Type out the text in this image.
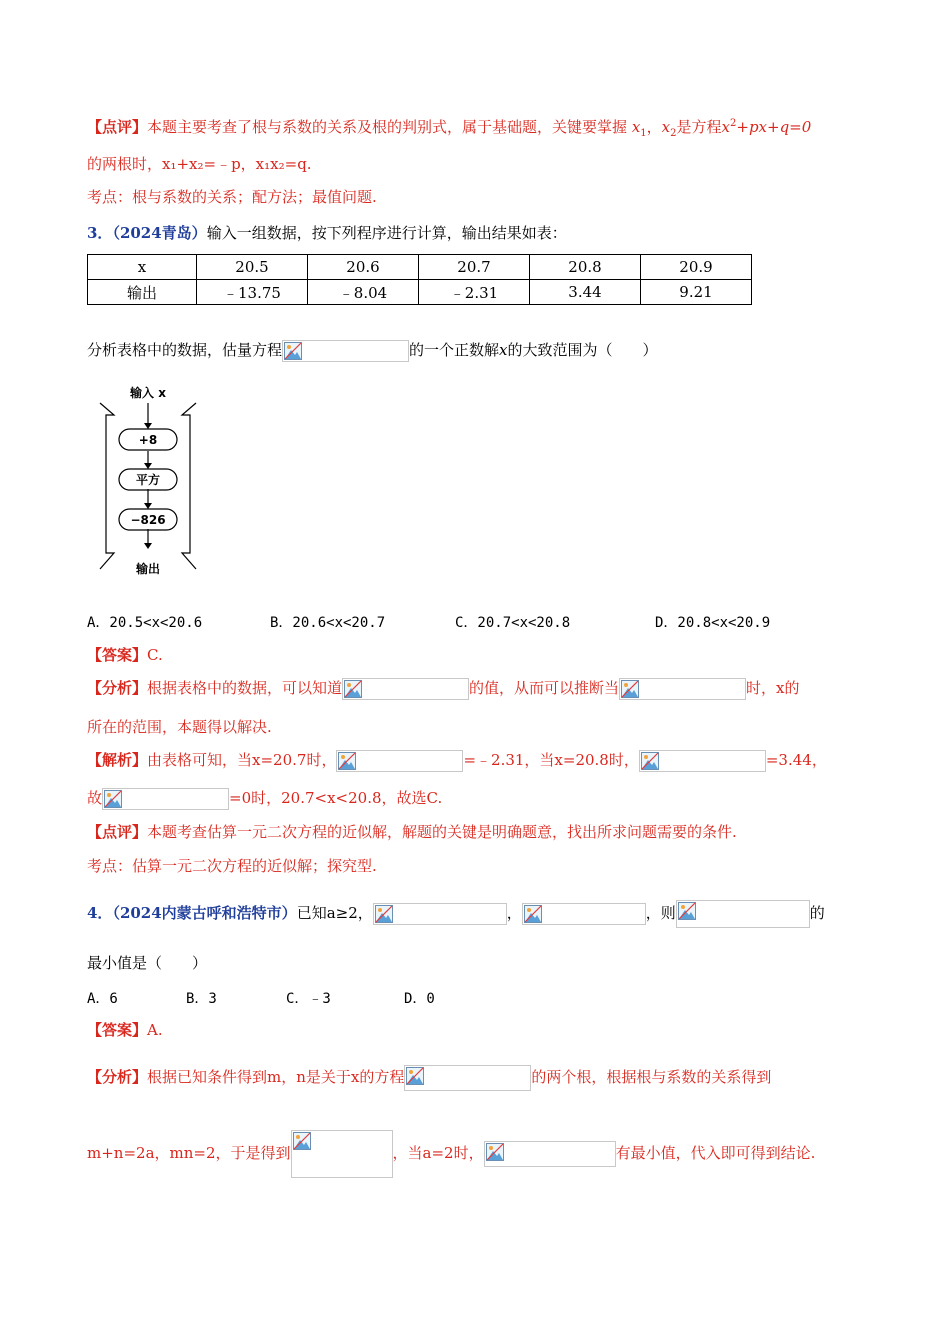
【点评】本题主要考查了根与系数的关系及根的判别式，属于基础题，关键要掌握 $x_1$，$x_2$是方程$x^2+px+q=0$
的两根时，x₁+x₂=﹣p，x₁x₂=q.
考点：根与系数的关系；配方法；最值问题.
3．（2024青岛）输入一组数据，按下列程序进行计算，输出结果如表：
x	20.5	20.6	20.7	20.8	20.9
输出	﹣13.75	﹣8.04	﹣2.31	3.44	9.21
分析表格中的数据，估量方程	的一个正数解x的大致范围为（　　）
输入 x
+8
平方
−826
输出
A．20.5<x<20.6	B．20.6<x<20.7	C．20.7<x<20.8	D．20.8<x<20.9
【答案】C.
【分析】根据表格中的数据，可以知道	的值，从而可以推断当	时，x的
所在的范围，本题得以解决.
【解析】由表格可知，当x=20.7时，	=﹣2.31，当x=20.8时，	=3.44，
故	=0时，20.7<x<20.8，故选C.
【点评】本题考查估算一元二次方程的近似解，解题的关键是明确题意，找出所求问题需要的条件.
考点：估算一元二次方程的近似解；探究型.
4．（2024内蒙古呼和浩特市）已知a≥2，	，	，则	的
最小值是（　　）
A．6	B．3	C．﹣3	D．0
【答案】A.
【分析】根据已知条件得到m，n是关于x的方程	的两个根，根据根与系数的关系得到
m+n=2a，mn=2，于是得到	，当a=2时，	有最小值，代入即可得到结论.
